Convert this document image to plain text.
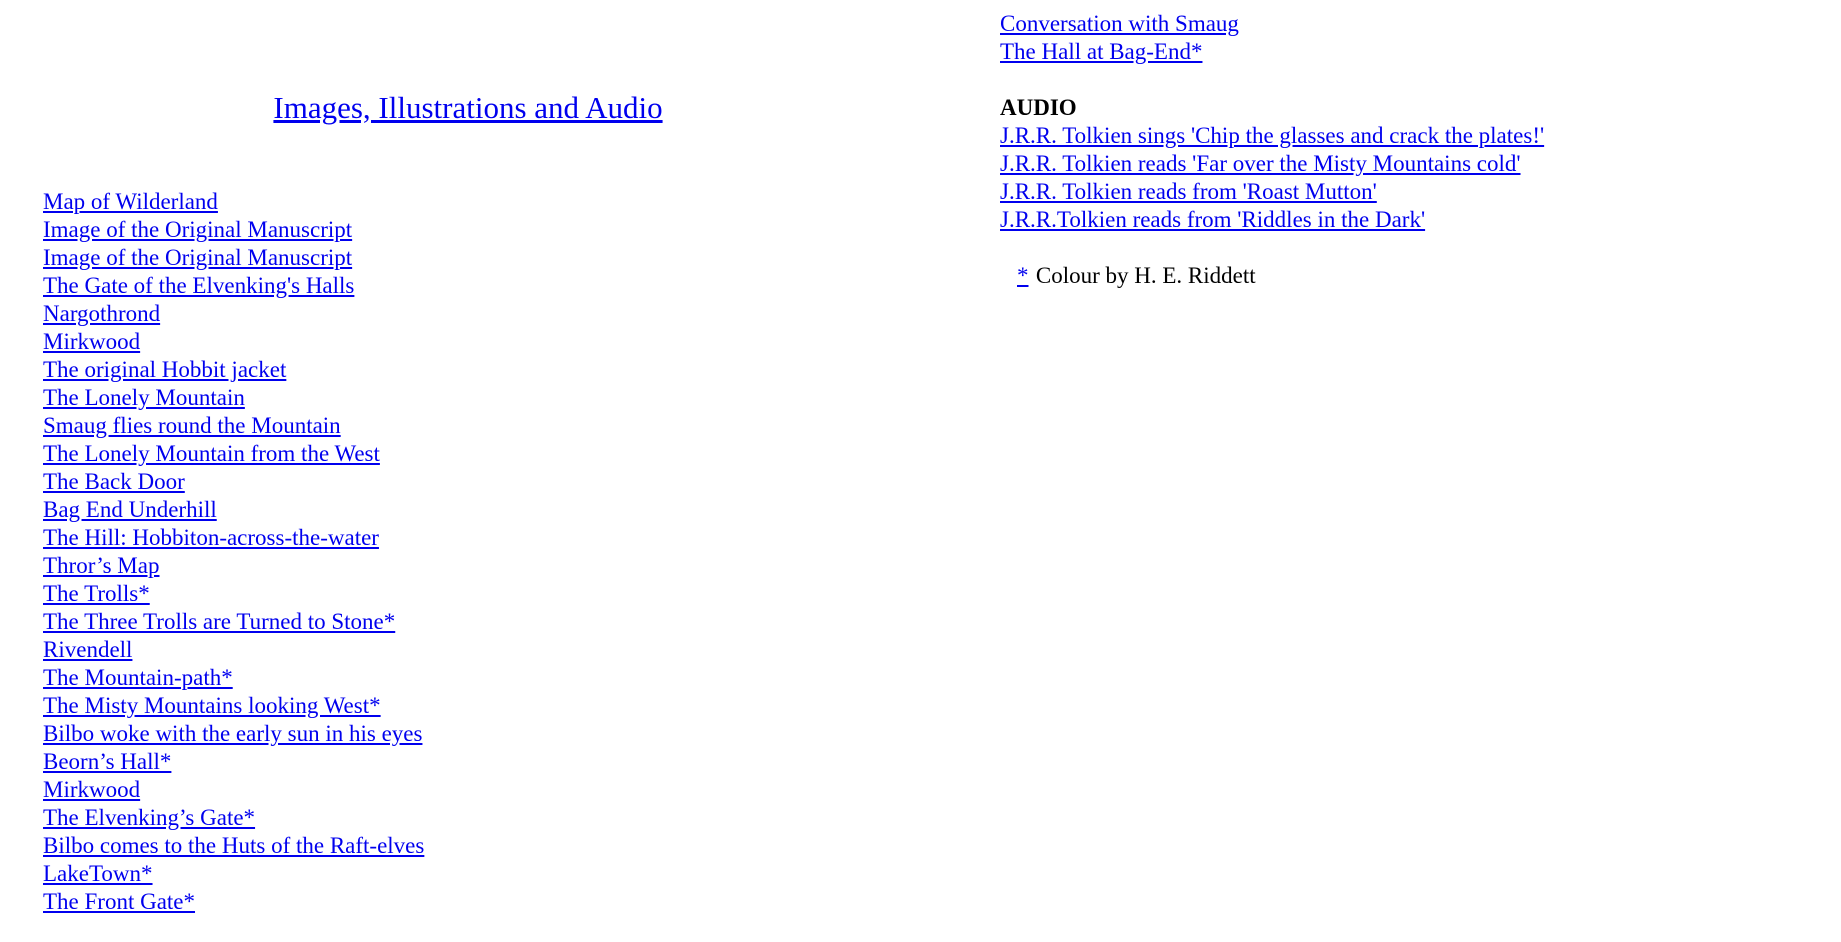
Images, Illustrations and Audio
Map of Wilderland
Image of the Original Manuscript
Image of the Original Manuscript
The Gate of the Elvenking's Halls
Nargothrond
Mirkwood
The original Hobbit jacket
The Lonely Mountain
Smaug flies round the Mountain
The Lonely Mountain from the West
The Back Door
Bag End Underhill
The Hill: Hobbiton-across-the-water
Thror’s Map
The Trolls*
The Three Trolls are Turned to Stone*
Rivendell
The Mountain-path*
The Misty Mountains looking West*
Bilbo woke with the early sun in his eyes
Beorn’s Hall*
Mirkwood
The Elvenking’s Gate*
Bilbo comes to the Huts of the Raft-elves
LakeTown*
The Front Gate*
Conversation with Smaug
The Hall at Bag-End*
AUDIO
J.R.R. Tolkien sings 'Chip the glasses and crack the plates!'
J.R.R. Tolkien reads 'Far over the Misty Mountains cold'
J.R.R. Tolkien reads from 'Roast Mutton'
J.R.R.Tolkien reads from 'Riddles in the Dark'
* Colour by H. E. Riddett
